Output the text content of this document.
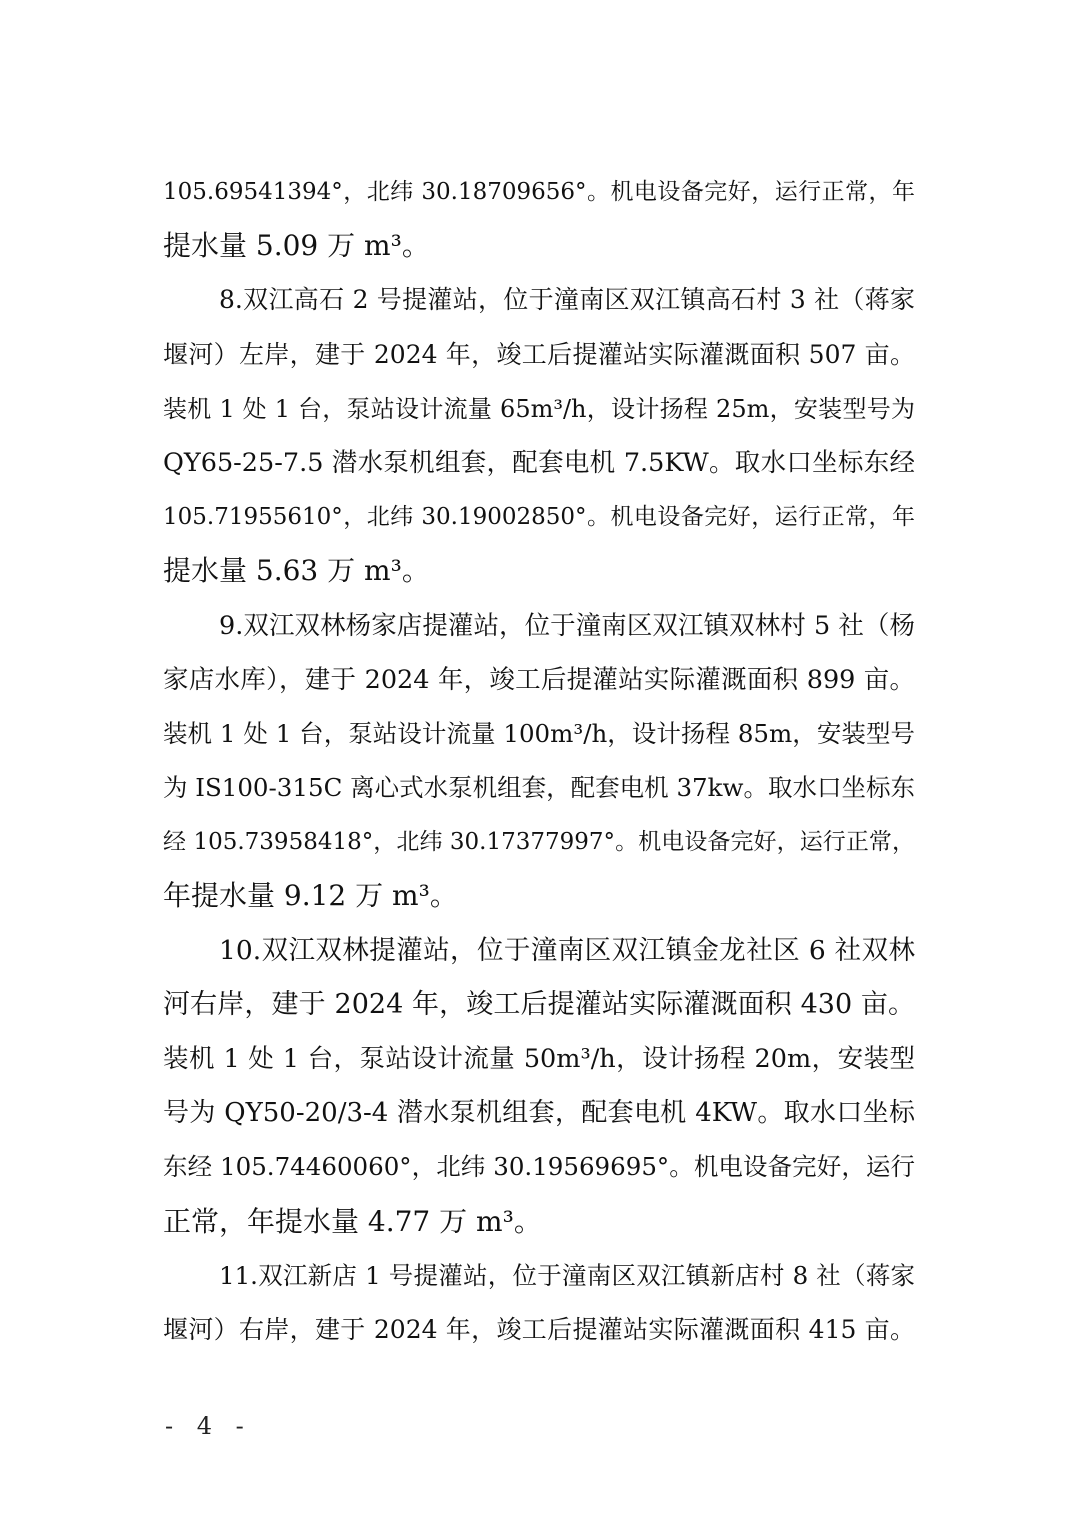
105.69541394°，北纬 30.18709656°。机电设备完好，运行正常，年
提水量 5.09 万 m³。
8.双江高石 2 号提灌站，位于潼南区双江镇高石村 3 社（蒋家
堰河）左岸，建于 2024 年，竣工后提灌站实际灌溉面积 507 亩。
装机 1 处 1 台，泵站设计流量 65m³/h，设计扬程 25m，安装型号为
QY65-25-7.5 潜水泵机组套，配套电机 7.5KW。取水口坐标东经
105.71955610°，北纬 30.19002850°。机电设备完好，运行正常，年
提水量 5.63 万 m³。
9.双江双林杨家店提灌站，位于潼南区双江镇双林村 5 社（杨
家店水库），建于 2024 年，竣工后提灌站实际灌溉面积 899 亩。
装机 1 处 1 台，泵站设计流量 100m³/h，设计扬程 85m，安装型号
为 IS100-315C 离心式水泵机组套，配套电机 37kw。取水口坐标东
经 105.73958418°，北纬 30.17377997°。机电设备完好，运行正常，
年提水量 9.12 万 m³。
10.双江双林提灌站，位于潼南区双江镇金龙社区 6 社双林
河右岸，建于 2024 年，竣工后提灌站实际灌溉面积 430 亩。
装机 1 处 1 台，泵站设计流量 50m³/h，设计扬程 20m，安装型
号为 QY50-20/3-4 潜水泵机组套，配套电机 4KW。取水口坐标
东经 105.74460060°，北纬 30.19569695°。机电设备完好，运行
正常，年提水量 4.77 万 m³。
11.双江新店 1 号提灌站，位于潼南区双江镇新店村 8 社（蒋家
堰河）右岸，建于 2024 年，竣工后提灌站实际灌溉面积 415 亩。
- 4 -
